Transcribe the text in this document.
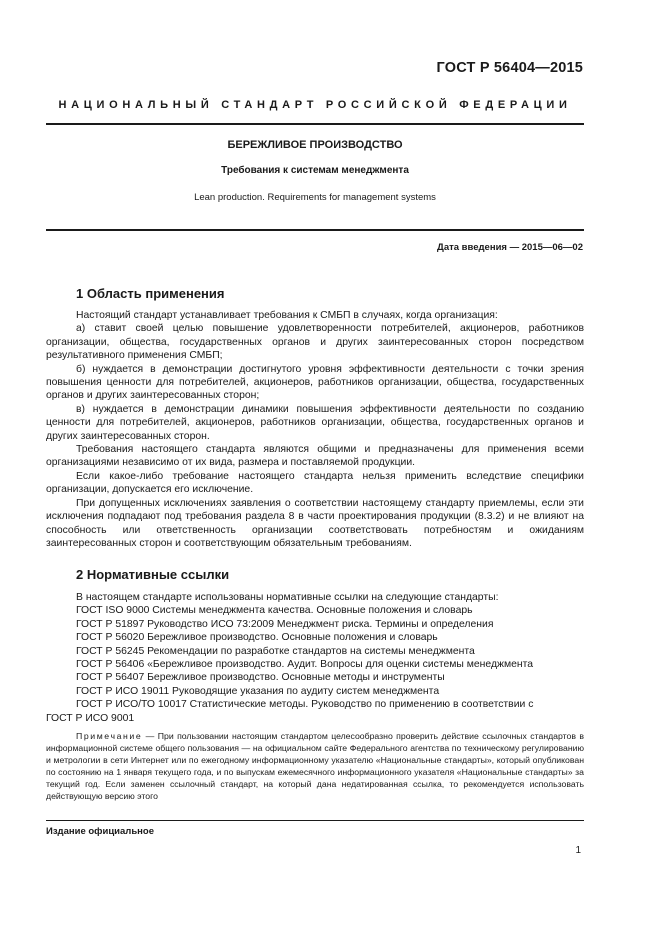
ГОСТ Р 56404—2015
НАЦИОНАЛЬНЫЙ СТАНДАРТ РОССИЙСКОЙ ФЕДЕРАЦИИ
БЕРЕЖЛИВОЕ ПРОИЗВОДСТВО
Требования к системам менеджмента
Lean production. Requirements for management systems
Дата введения — 2015—06—02
1 Область применения

Настоящий стандарт устанавливает требования к СМБП в случаях, когда организация:

а) ставит своей целью повышение удовлетворенности потребителей, акционеров, работников организации, общества, государственных органов и других заинтересованных сторон посредством результативного применения СМБП;

б) нуждается в демонстрации достигнутого уровня эффективности деятельности с точки зрения повышения ценности для потребителей, акционеров, работников организации, общества, государственных органов и других заинтересованных сторон;

в) нуждается в демонстрации динамики повышения эффективности деятельности по созданию ценности для потребителей, акционеров, работников организации, общества, государственных органов и других заинтересованных сторон.

Требования настоящего стандарта являются общими и предназначены для применения всеми организациями независимо от их вида, размера и поставляемой продукции.

Если какое-либо требование настоящего стандарта нельзя применить вследствие специфики организации, допускается его исключение.

При допущенных исключениях заявления о соответствии настоящему стандарту приемлемы, если эти исключения подпадают под требования раздела 8 в части проектирования продукции (8.3.2) и не влияют на способность или ответственность организации соответствовать потребностям и ожиданиям заинтересованных сторон и соответствующим обязательным требованиям.

2 Нормативные ссылки

В настоящем стандарте использованы нормативные ссылки на следующие стандарты:

ГОСТ ISO 9000 Системы менеджмента качества. Основные положения и словарь

ГОСТ Р 51897 Руководство ИСО 73:2009 Менеджмент риска. Термины и определения

ГОСТ Р 56020 Бережливое производство. Основные положения и словарь

ГОСТ Р 56245 Рекомендации по разработке стандартов на системы менеджмента

ГОСТ Р 56406 «Бережливое производство. Аудит. Вопросы для оценки системы менеджмента

ГОСТ Р 56407 Бережливое производство. Основные методы и инструменты

ГОСТ Р ИСО 19011 Руководящие указания по аудиту систем менеджмента

ГОСТ Р ИСО/ТО 10017 Статистические методы. Руководство по применению в соответствии с

ГОСТ Р ИСО 9001

Примечание — При пользовании настоящим стандартом целесообразно проверить действие ссылочных стандартов в информационной системе общего пользования — на официальном сайте Федерального агентства по техническому регулированию и метрологии в сети Интернет или по ежегодному информационному указателю «Национальные стандарты», который опубликован по состоянию на 1 января текущего года, и по выпускам ежемесячного информационного указателя «Национальные стандарты» за текущий год. Если заменен ссылочный стандарт, на который дана недатированная ссылка, то рекомендуется использовать действующую версию этого

Издание официальное
1
